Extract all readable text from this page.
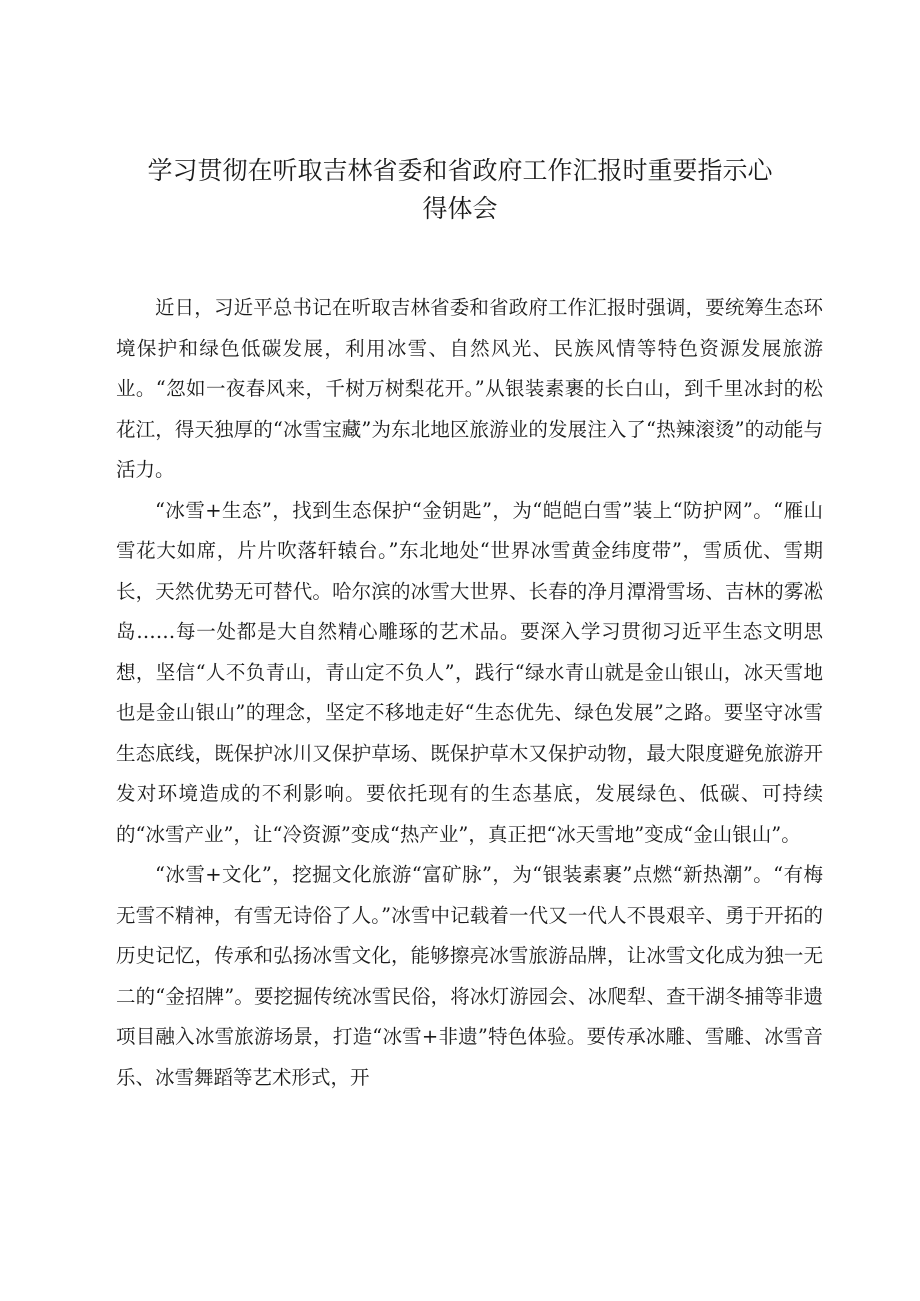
学习贯彻在听取吉林省委和省政府工作汇报时重要指示心得体会

近日，习近平总书记在听取吉林省委和省政府工作汇报时强调，要统筹生态环境保护和绿色低碳发展，利用冰雪、自然风光、民族风情等特色资源发展旅游业。“忽如一夜春风来，千树万树梨花开。”从银装素裹的长白山，到千里冰封的松花江，得天独厚的“冰雪宝藏”为东北地区旅游业的发展注入了“热辣滚烫”的动能与活力。

“冰雪+生态”，找到生态保护“金钥匙”，为“皑皑白雪”装上“防护网”。“雁山雪花大如席，片片吹落轩辕台。”东北地处“世界冰雪黄金纬度带”，雪质优、雪期长，天然优势无可替代。哈尔滨的冰雪大世界、长春的净月潭滑雪场、吉林的雾凇岛……每一处都是大自然精心雕琢的艺术品。要深入学习贯彻习近平生态文明思想，坚信“人不负青山，青山定不负人”，践行“绿水青山就是金山银山，冰天雪地也是金山银山”的理念，坚定不移地走好“生态优先、绿色发展”之路。要坚守冰雪生态底线，既保护冰川又保护草场、既保护草木又保护动物，最大限度避免旅游开发对环境造成的不利影响。要依托现有的生态基底，发展绿色、低碳、可持续的“冰雪产业”，让“冷资源”变成“热产业”，真正把“冰天雪地”变成“金山银山”。

“冰雪+文化”，挖掘文化旅游“富矿脉”，为“银装素裹”点燃“新热潮”。“有梅无雪不精神，有雪无诗俗了人。”冰雪中记载着一代又一代人不畏艰辛、勇于开拓的历史记忆，传承和弘扬冰雪文化，能够擦亮冰雪旅游品牌，让冰雪文化成为独一无二的“金招牌”。要挖掘传统冰雪民俗，将冰灯游园会、冰爬犁、查干湖冬捕等非遗项目融入冰雪旅游场景，打造“冰雪+非遗”特色体验。要传承冰雕、雪雕、冰雪音乐、冰雪舞蹈等艺术形式，开
